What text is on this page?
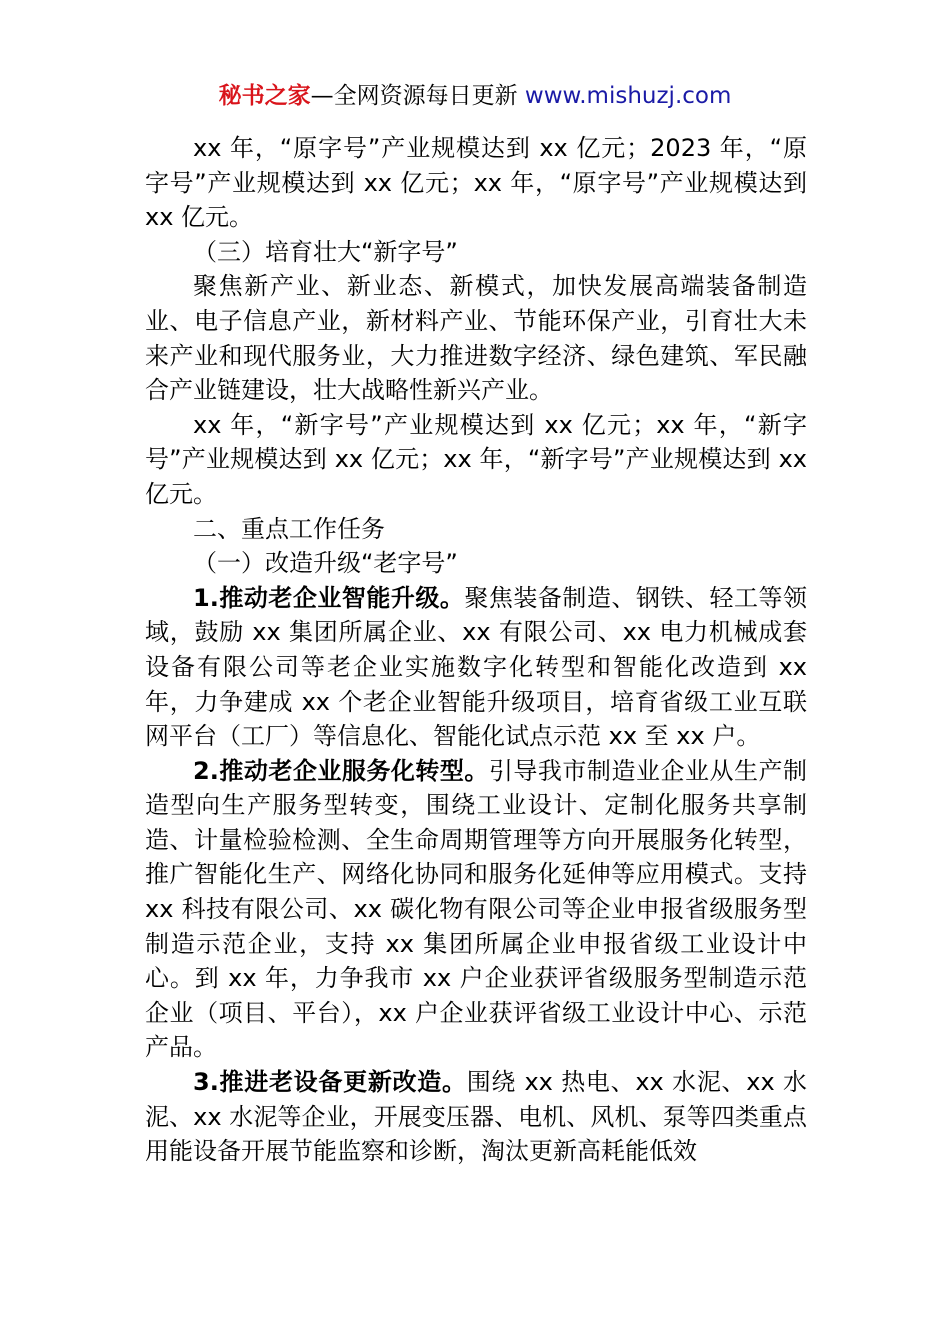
秘书之家—全网资源每日更新 www.mishuzj.com

xx 年，“原字号”产业规模达到 xx 亿元；2023 年，“原字号”产业规模达到 xx 亿元；xx 年，“原字号”产业规模达到 xx 亿元。

（三）培育壮大“新字号”

聚焦新产业、新业态、新模式，加快发展高端装备制造业、电子信息产业，新材料产业、节能环保产业，引育壮大未来产业和现代服务业，大力推进数字经济、绿色建筑、军民融合产业链建设，壮大战略性新兴产业。

xx 年，“新字号”产业规模达到 xx 亿元；xx 年，“新字号”产业规模达到 xx 亿元；xx 年，“新字号”产业规模达到 xx 亿元。

二、重点工作任务

（一）改造升级“老字号”

1.推动老企业智能升级。聚焦装备制造、钢铁、轻工等领域，鼓励 xx 集团所属企业、xx 有限公司、xx 电力机械成套设备有限公司等老企业实施数字化转型和智能化改造到 xx 年，力争建成 xx 个老企业智能升级项目，培育省级工业互联网平台（工厂）等信息化、智能化试点示范 xx 至 xx 户。

2.推动老企业服务化转型。引导我市制造业企业从生产制造型向生产服务型转变，围绕工业设计、定制化服务共享制造、计量检验检测、全生命周期管理等方向开展服务化转型，推广智能化生产、网络化协同和服务化延伸等应用模式。支持 xx 科技有限公司、xx 碳化物有限公司等企业申报省级服务型制造示范企业，支持 xx 集团所属企业申报省级工业设计中心。到 xx 年，力争我市 xx 户企业获评省级服务型制造示范企业（项目、平台），xx 户企业获评省级工业设计中心、示范产品。

3.推进老设备更新改造。围绕 xx 热电、xx 水泥、xx 水泥、xx 水泥等企业，开展变压器、电机、风机、泵等四类重点用能设备开展节能监察和诊断，淘汰更新高耗能低效
